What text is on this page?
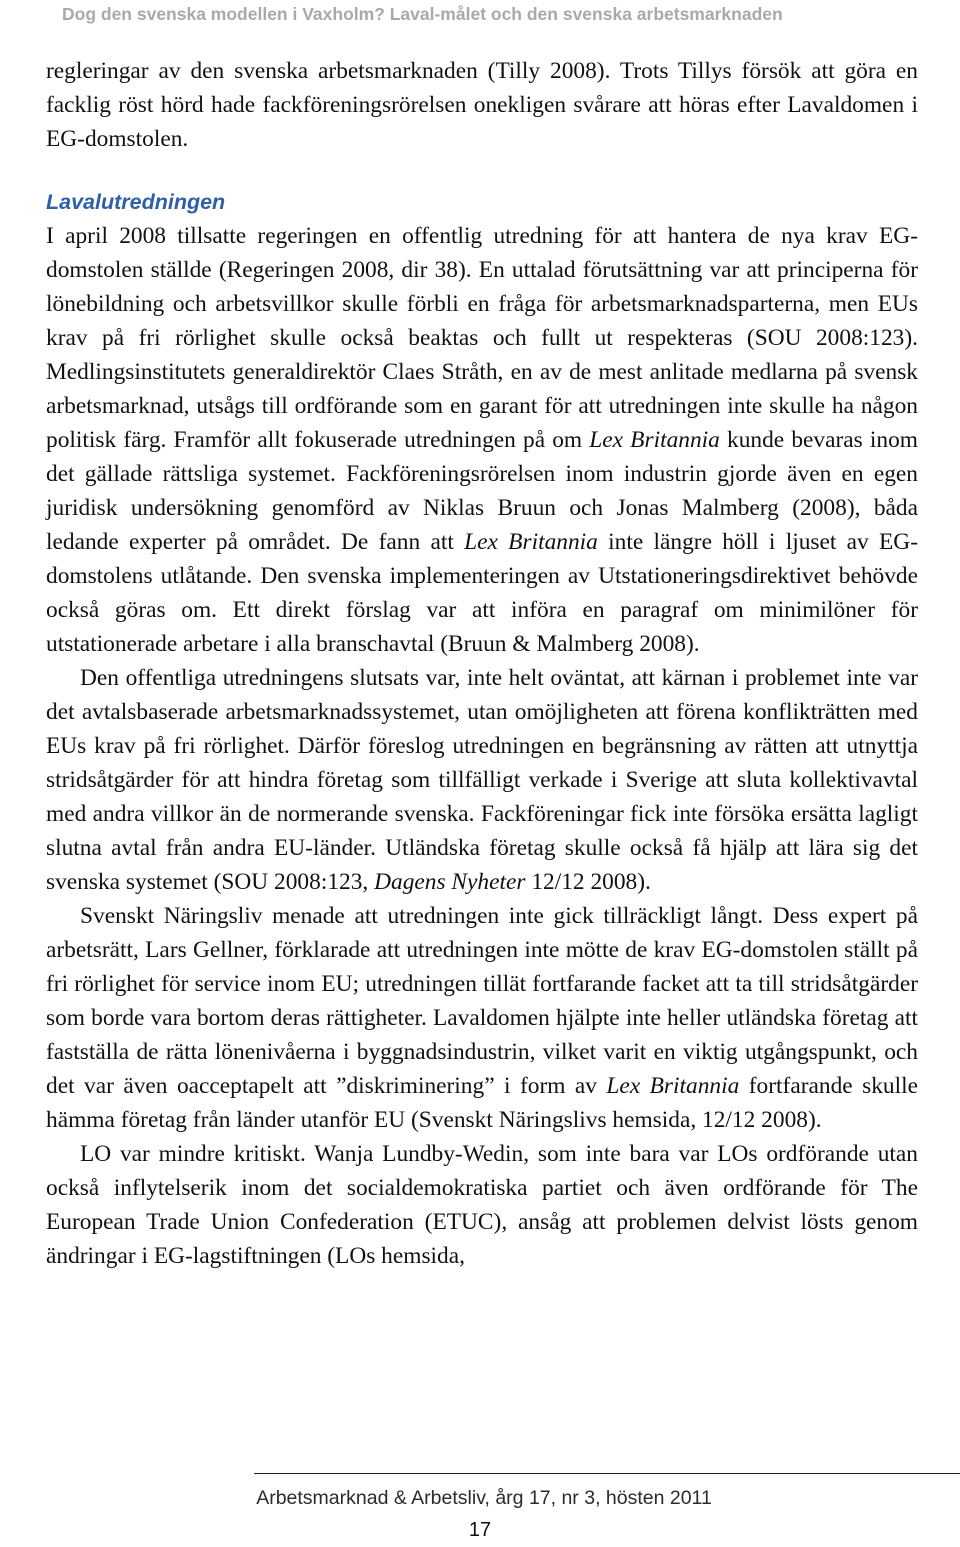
Dog den svenska modellen i Vaxholm? Laval-målet och den svenska arbetsmarknaden

regleringar av den svenska arbetsmarknaden (Tilly 2008). Trots Tillys försök att göra en facklig röst hörd hade fackföreningsrörelsen onekligen svårare att höras efter Lavaldomen i EG-domstolen.

Lavalutredningen

I april 2008 tillsatte regeringen en offentlig utredning för att hantera de nya krav EG-domstolen ställde (Regeringen 2008, dir 38). En uttalad förutsättning var att principerna för lönebildning och arbetsvillkor skulle förbli en fråga för arbetsmarknadsparterna, men EUs krav på fri rörlighet skulle också beaktas och fullt ut respekteras (SOU 2008:123). Medlingsinstitutets generaldirektör Claes Stråth, en av de mest anlitade medlarna på svensk arbetsmarknad, utsågs till ordförande som en garant för att utredningen inte skulle ha någon politisk färg. Framför allt fokuserade utredningen på om Lex Britannia kunde bevaras inom det gällade rättsliga systemet. Fackföreningsrörelsen inom industrin gjorde även en egen juridisk undersökning genomförd av Niklas Bruun och Jonas Malmberg (2008), båda ledande experter på området. De fann att Lex Britannia inte längre höll i ljuset av EG-domstolens utlåtande. Den svenska implementeringen av Utstationeringsdirektivet behövde också göras om. Ett direkt förslag var att införa en paragraf om minimilöner för utstationerade arbetare i alla branschavtal (Bruun & Malmberg 2008).

Den offentliga utredningens slutsats var, inte helt oväntat, att kärnan i problemet inte var det avtalsbaserade arbetsmarknadssystemet, utan omöjligheten att förena konflikträtten med EUs krav på fri rörlighet. Därför föreslog utredningen en begränsning av rätten att utnyttja stridsåtgärder för att hindra företag som tillfälligt verkade i Sverige att sluta kollektivavtal med andra villkor än de normerande svenska. Fackföreningar fick inte försöka ersätta lagligt slutna avtal från andra EU-länder. Utländska företag skulle också få hjälp att lära sig det svenska systemet (SOU 2008:123, Dagens Nyheter 12/12 2008).

Svenskt Näringsliv menade att utredningen inte gick tillräckligt långt. Dess expert på arbetsrätt, Lars Gellner, förklarade att utredningen inte mötte de krav EG-domstolen ställt på fri rörlighet för service inom EU; utredningen tillät fortfarande facket att ta till stridsåtgärder som borde vara bortom deras rättigheter. Lavaldomen hjälpte inte heller utländska företag att fastställa de rätta lönenivåerna i byggnadsindustrin, vilket varit en viktig utgångspunkt, och det var även oacceptapelt att ”diskriminering” i form av Lex Britannia fortfarande skulle hämma företag från länder utanför EU (Svenskt Näringslivs hemsida, 12/12 2008).

LO var mindre kritiskt. Wanja Lundby-Wedin, som inte bara var LOs ordförande utan också inflytelserik inom det socialdemokratiska partiet och även ordförande för The European Trade Union Confederation (ETUC), ansåg att problemen delvist lösts genom ändringar i EG-lagstiftningen (LOs hemsida,

Arbetsmarknad & Arbetsliv, årg 17, nr 3, hösten 2011
17
